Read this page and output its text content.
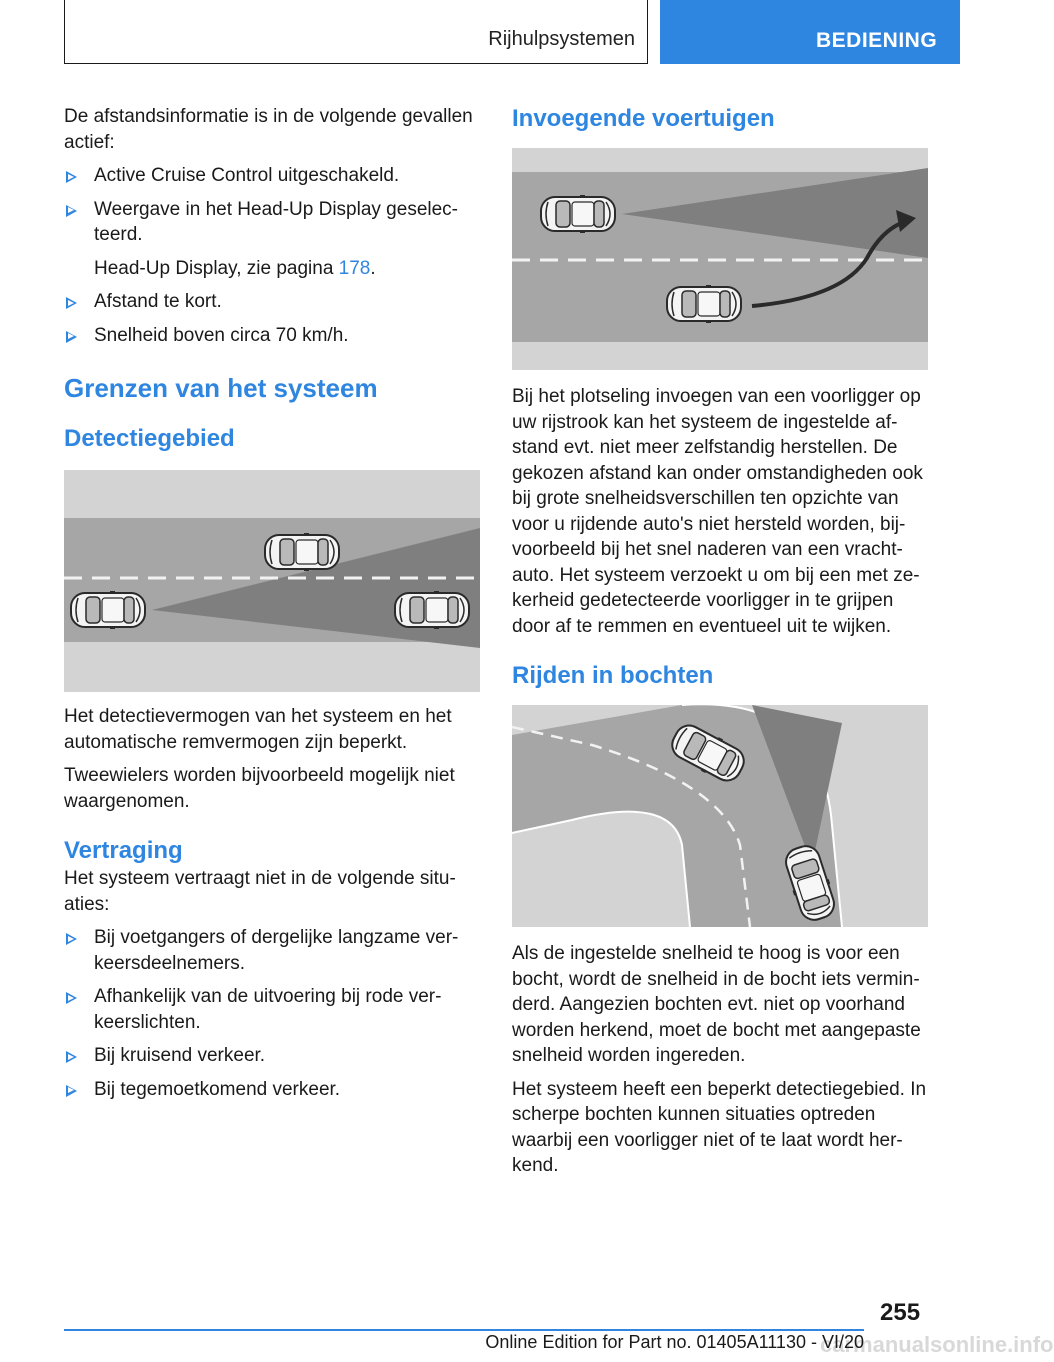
Rijhulpsystemen	BEDIENING

De afstandsinformatie is in de volgende gevallen actief:

Active Cruise Control uitgeschakeld.
Weergave in het Head-Up Display geselec-teerd.
Head-Up Display, zie pagina 178.
Afstand te kort.
Snelheid boven circa 70 km/h.
Grenzen van het systeem
Detectiegebied

Het detectievermogen van het systeem en het automatische remvermogen zijn beperkt.

Tweewielers worden bijvoorbeeld mogelijk niet waargenomen.

Vertraging

Het systeem vertraagt niet in de volgende situ-aties:

Bij voetgangers of dergelijke langzame ver-keersdeelnemers.
Afhankelijk van de uitvoering bij rode ver-keerslichten.
Bij kruisend verkeer.
Bij tegemoetkomend verkeer.
Invoegende voertuigen

Bij het plotseling invoegen van een voorligger op uw rijstrook kan het systeem de ingestelde af-stand evt. niet meer zelfstandig herstellen. De gekozen afstand kan onder omstandigheden ook bij grote snelheidsverschillen ten opzichte van voor u rijdende auto's niet hersteld worden, bij-voorbeeld bij het snel naderen van een vracht-auto. Het systeem verzoekt u om bij een met ze-kerheid gedetecteerde voorligger in te grijpen door af te remmen en eventueel uit te wijken.

Rijden in bochten

Als de ingestelde snelheid te hoog is voor een bocht, wordt de snelheid in de bocht iets vermin-derd. Aangezien bochten evt. niet op voorhand worden herkend, moet de bocht met aangepaste snelheid worden ingereden.

Het systeem heeft een beperkt detectiegebied. In scherpe bochten kunnen situaties optreden waarbij een voorligger niet of te laat wordt her-kend.

255
carmanualsonline.info
Online Edition for Part no. 01405A11130 - VI/20
